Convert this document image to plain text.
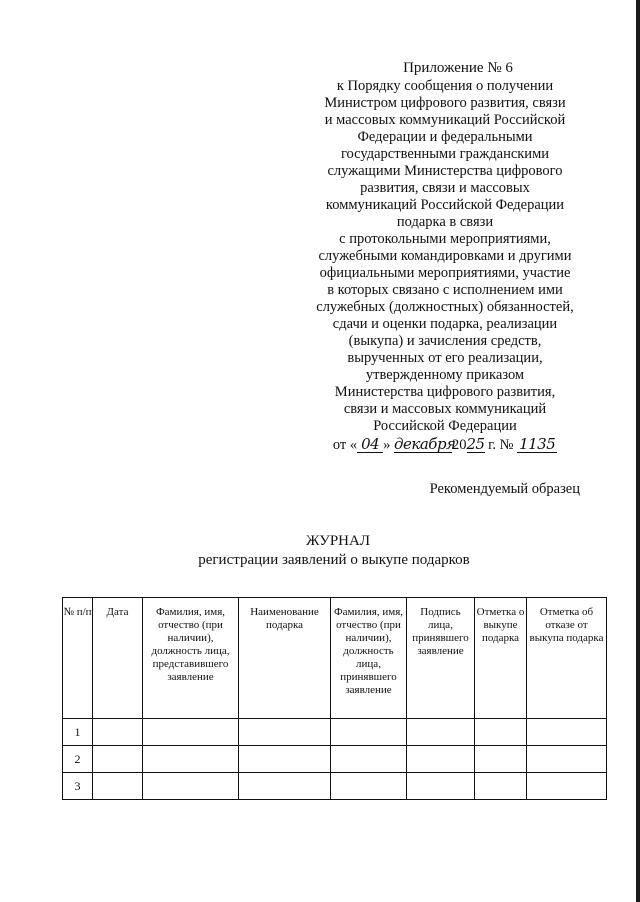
Приложение № 6
к Порядку сообщения о получении
Министром цифрового развития, связи
и массовых коммуникаций Российской
Федерации и федеральными
государственными гражданскими
служащими Министерства цифрового
развития, связи и массовых
коммуникаций Российской Федерации
подарка в связи
с протокольными мероприятиями,
служебными командировками и другими
официальными мероприятиями, участие
в которых связано с исполнением ими
служебных (должностных) обязанностей,
сдачи и оценки подарка, реализации
(выкупа) и зачисления средств,
вырученных от его реализации,
утвержденному приказом
Министерства цифрового развития,
связи и массовых коммуникаций
Российской Федерации
от « 04 » декабря2025 г. № 1135
Рекомендуемый образец
ЖУРНАЛ
регистрации заявлений о выкупе подарков
№ п/п	Дата	Фамилия, имя, отчество (при наличии), должность лица, представившего заявление	Наименование подарка	Фамилия, имя, отчество (при наличии), должность лица, принявшего заявление	Подпись лица, принявшего заявление	Отметка о выкупе подарка	Отметка об отказе от выкупа подарка
1							
2							
3							
